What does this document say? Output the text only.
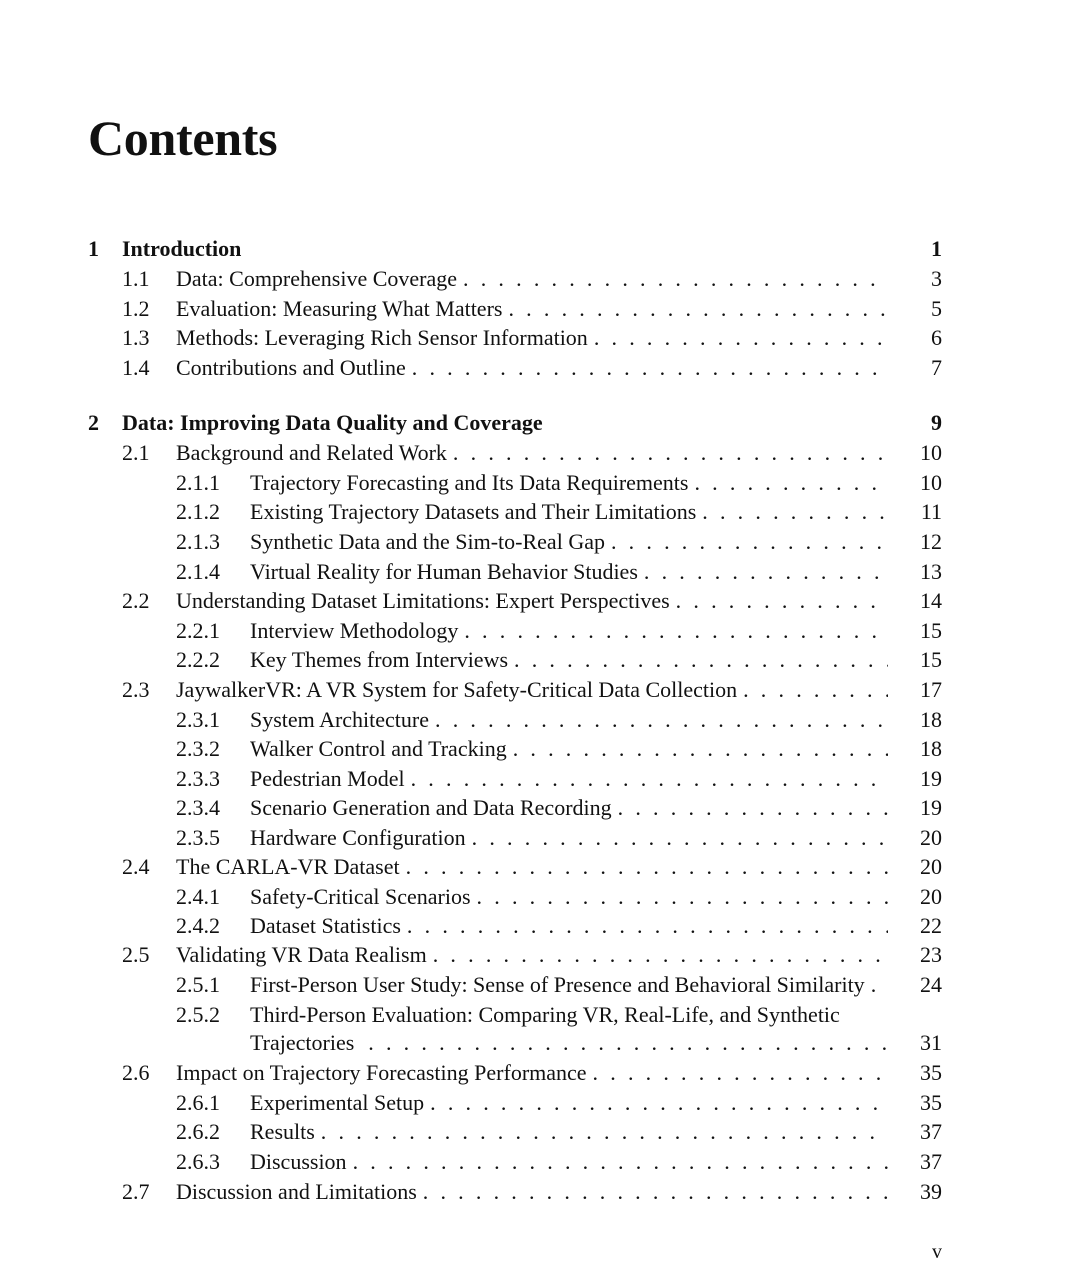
Contents
1 Introduction	1
1.1 Data: Comprehensive Coverage . . .	3
1.2 Evaluation: Measuring What Matters . . .	5
1.3 Methods: Leveraging Rich Sensor Information . . .	6
1.4 Contributions and Outline . . .	7
2 Data: Improving Data Quality and Coverage	9
2.1 Background and Related Work . . .	10
2.1.1 Trajectory Forecasting and Its Data Requirements . . .	10
2.1.2 Existing Trajectory Datasets and Their Limitations . . .	11
2.1.3 Synthetic Data and the Sim-to-Real Gap . . .	12
2.1.4 Virtual Reality for Human Behavior Studies . . .	13
2.2 Understanding Dataset Limitations: Expert Perspectives . . .	14
2.2.1 Interview Methodology . . .	15
2.2.2 Key Themes from Interviews . . .	15
2.3 JaywalkerVR: A VR System for Safety-Critical Data Collection . . .	17
2.3.1 System Architecture . . .	18
2.3.2 Walker Control and Tracking . . .	18
2.3.3 Pedestrian Model . . .	19
2.3.4 Scenario Generation and Data Recording . . .	19
2.3.5 Hardware Configuration . . .	20
2.4 The CARLA-VR Dataset . . .	20
2.4.1 Safety-Critical Scenarios . . .	20
2.4.2 Dataset Statistics . . .	22
2.5 Validating VR Data Realism . . .	23
2.5.1 First-Person User Study: Sense of Presence and Behavioral Similarity . . .	24
2.5.2 Third-Person Evaluation: Comparing VR, Real-Life, and Synthetic
Trajectories . . .	31
2.6 Impact on Trajectory Forecasting Performance . . .	35
2.6.1 Experimental Setup . . .	35
2.6.2 Results . . .	37
2.6.3 Discussion . . .	37
2.7 Discussion and Limitations . . .	39
v
